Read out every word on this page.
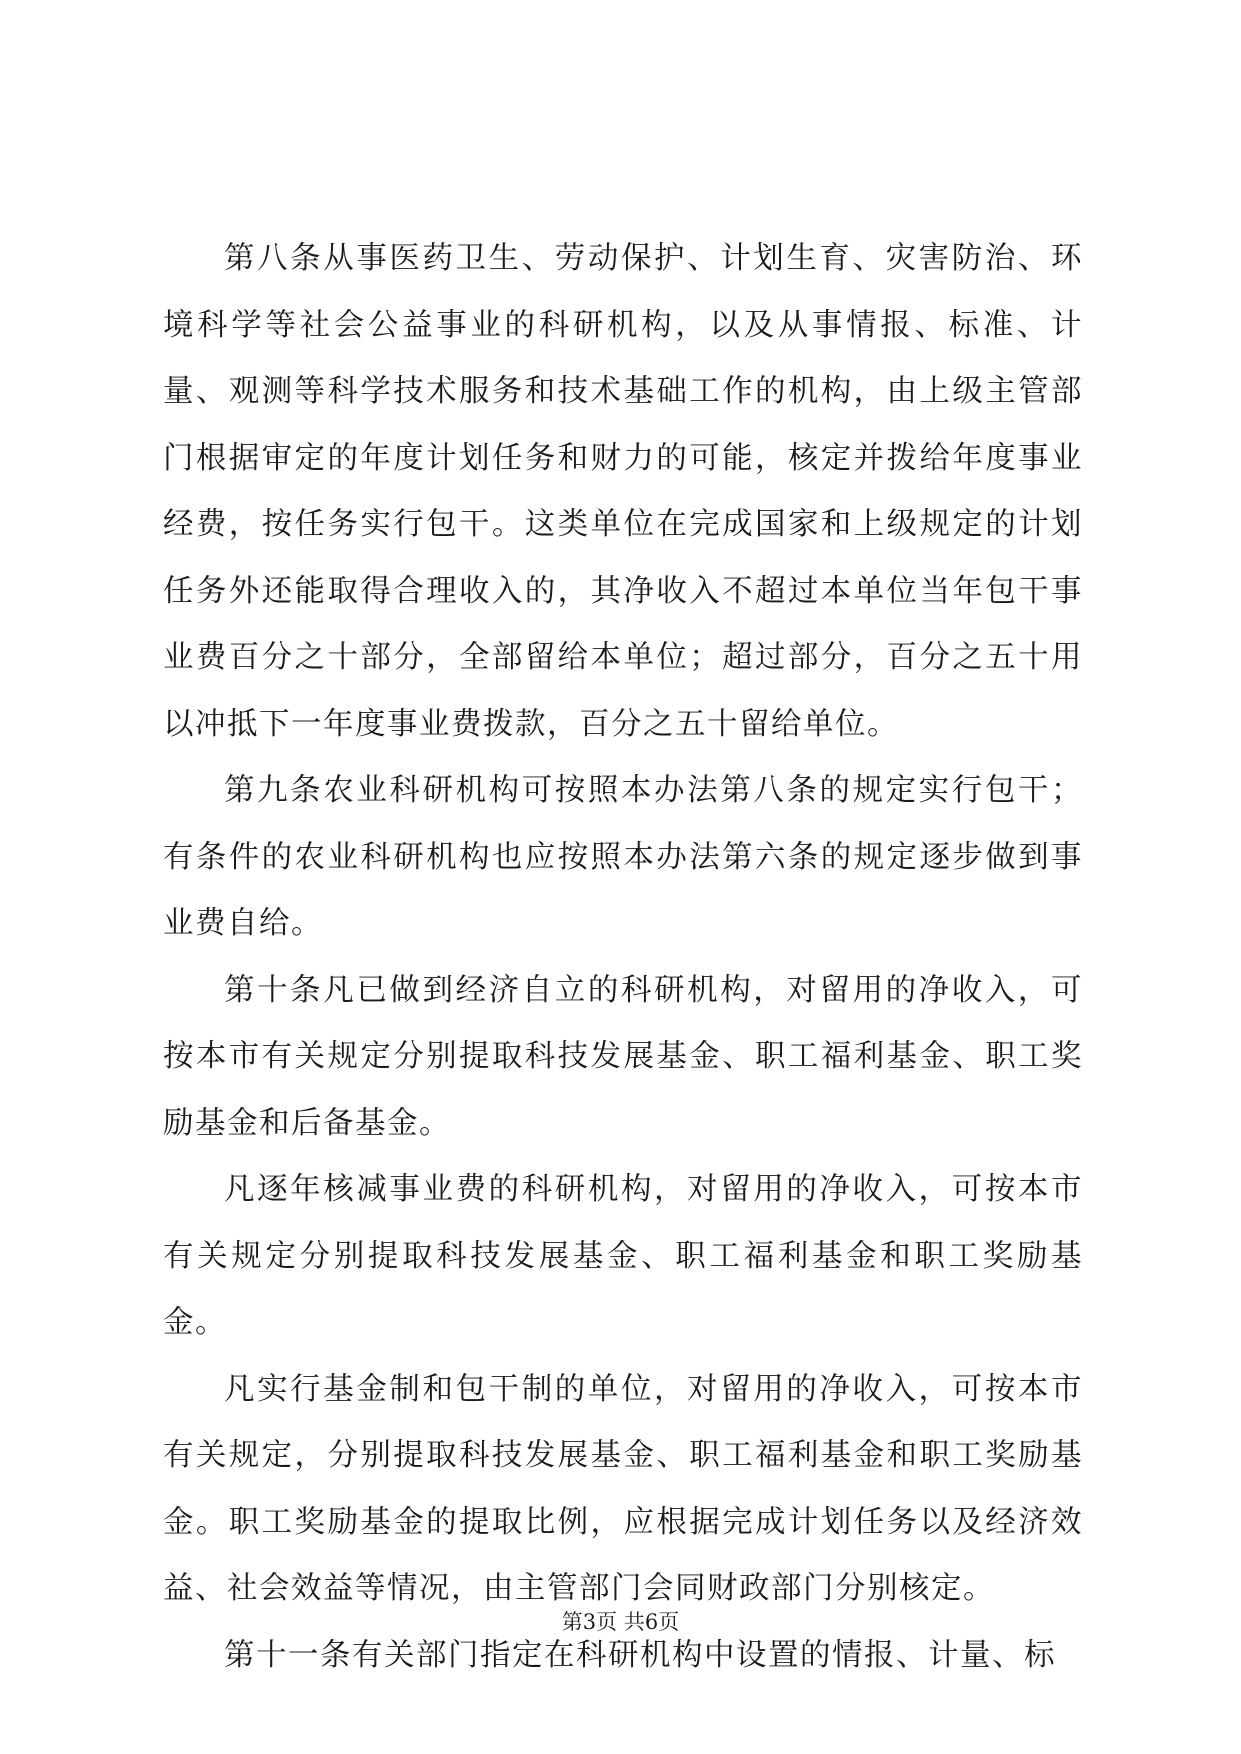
第八条从事医药卫生、劳动保护、计划生育、灾害防治、环境科学等社会公益事业的科研机构，以及从事情报、标准、计量、观测等科学技术服务和技术基础工作的机构，由上级主管部门根据审定的年度计划任务和财力的可能，核定并拨给年度事业经费，按任务实行包干。这类单位在完成国家和上级规定的计划任务外还能取得合理收入的，其净收入不超过本单位当年包干事业费百分之十部分，全部留给本单位；超过部分，百分之五十用以冲抵下一年度事业费拨款，百分之五十留给单位。

第九条农业科研机构可按照本办法第八条的规定实行包干；有条件的农业科研机构也应按照本办法第六条的规定逐步做到事业费自给。

第十条凡已做到经济自立的科研机构，对留用的净收入，可按本市有关规定分别提取科技发展基金、职工福利基金、职工奖励基金和后备基金。

凡逐年核减事业费的科研机构，对留用的净收入，可按本市有关规定分别提取科技发展基金、职工福利基金和职工奖励基金。

凡实行基金制和包干制的单位，对留用的净收入，可按本市有关规定，分别提取科技发展基金、职工福利基金和职工奖励基金。职工奖励基金的提取比例，应根据完成计划任务以及经济效益、社会效益等情况，由主管部门会同财政部门分别核定。

第十一条有关部门指定在科研机构中设置的情报、计量、标

第3页 共6页
